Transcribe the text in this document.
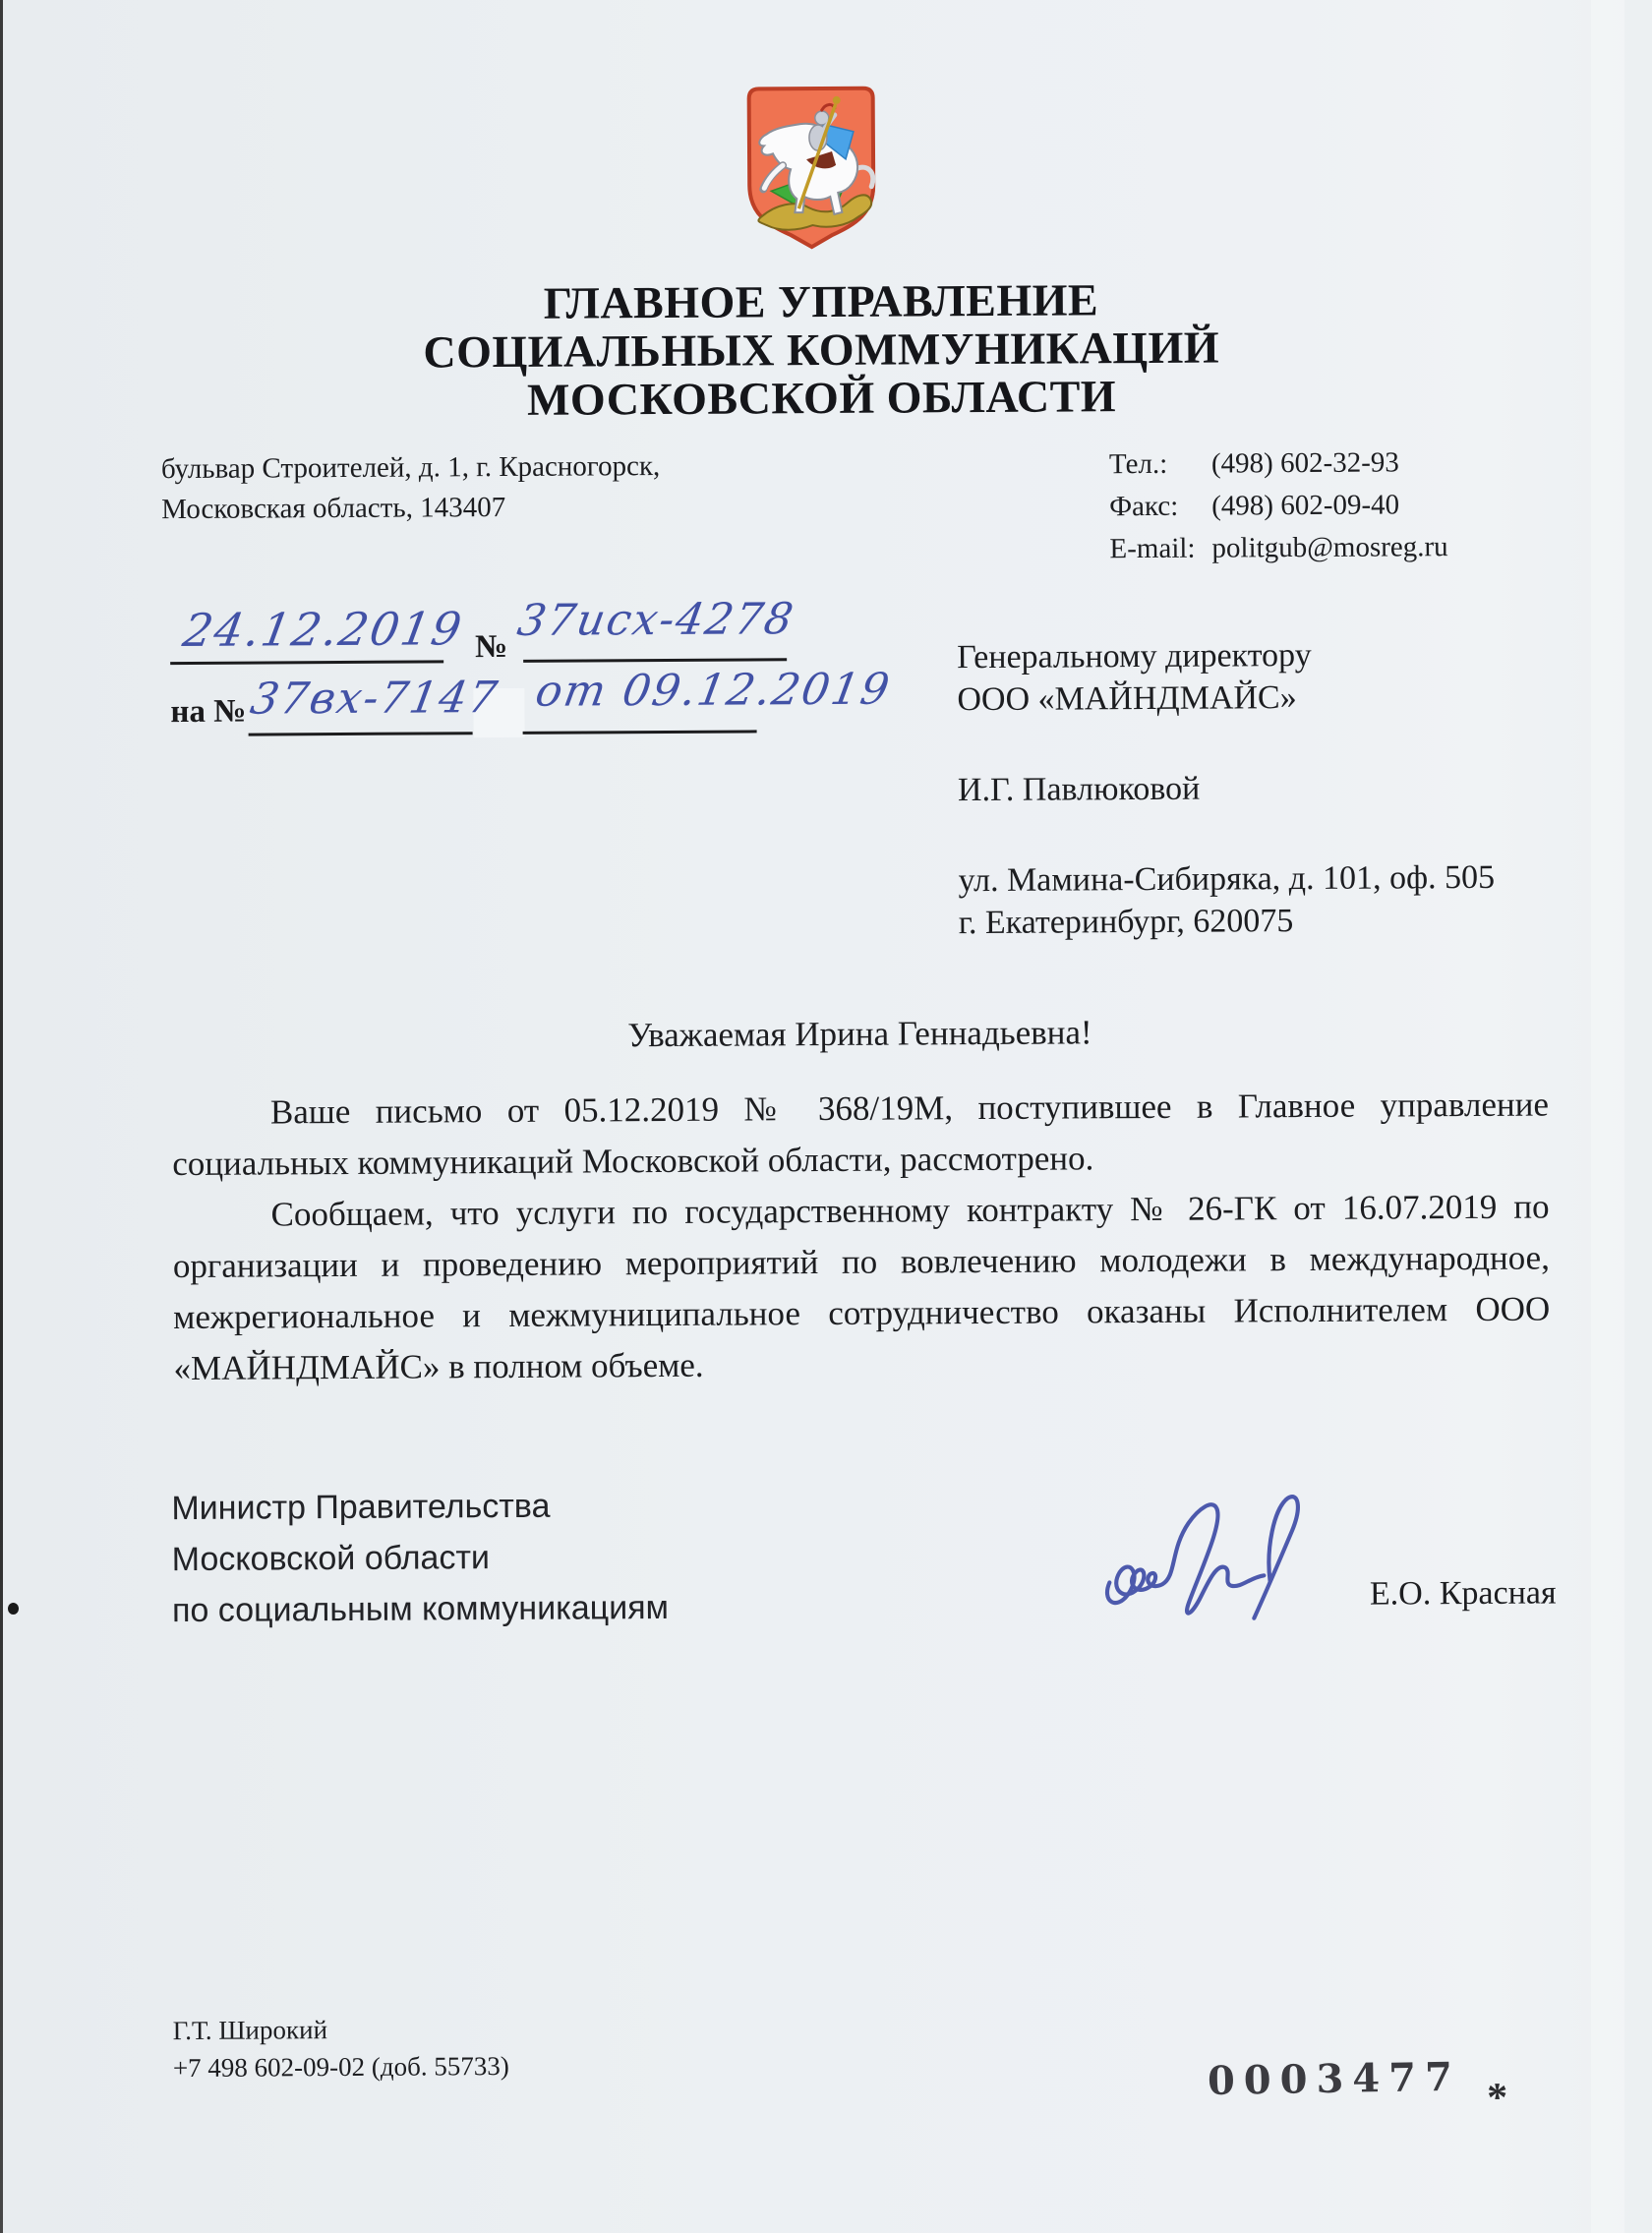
ГЛАВНОЕ УПРАВЛЕНИЕ
СОЦИАЛЬНЫХ КОММУНИКАЦИЙ
МОСКОВСКОЙ ОБЛАСТИ
бульвар Строителей, д. 1, г. Красногорск,
Московская область, 143407
Тел.:	(498) 602-32-93
Факс:	(498) 602-09-40
E-mail: politgub@mosreg.ru
24.12.2019 №
37исх-4278
на № 37вх-7147 от 09.12.2019
Генеральному директору
ООО «МАЙНДМАЙС»
И.Г. Павлюковой
ул. Мамина-Сибиряка, д. 101, оф. 505
г. Екатеринбург, 620075
Уважаемая Ирина Геннадьевна!

Ваше письмо от 05.12.2019 № 368/19М, поступившее в Главное управление социальных коммуникаций Московской области, рассмотрено.

Сообщаем, что услуги по государственному контракту № 26-ГК от 16.07.2019 по организации и проведению мероприятий по вовлечению молодежи в международное, межрегиональное и межмуниципальное сотрудничество оказаны Исполнителем ООО «МАЙНДМАЙС» в полном объеме.

Министр Правительства
Московской области
по социальным коммуникациям	Е.О. Красная
Г.Т. Широкий
+7 498 602-09-02 (доб. 55733)	0003477 *
